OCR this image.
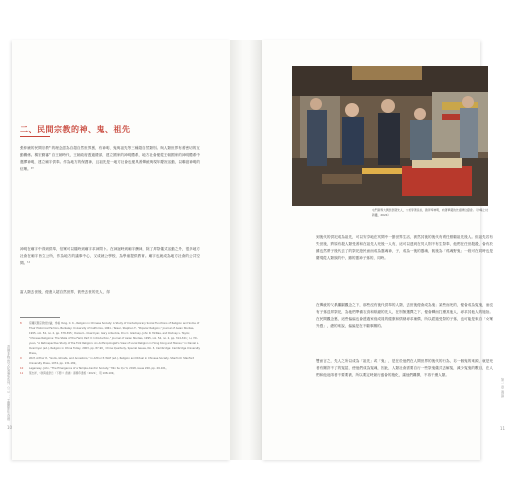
二、民間宗教的神、鬼、祖先
張仲廉的民間宗教⁸ 的理念認為自超自然世界裏，有神明、鬼與祖先等三種超自然類別。與人類世界有著密切的互動關係。楊宏勤審⁹ 自王朝時代，王朝政府透過禮部，建立國家的神明體系，地方社會便從王朝國家的神明體系中選擇神明，建立廟宇供奉。作為地方的保護神，且祖先是一地方社會也便具著傳統與現年慶祝活動，以聯誼神明的信眾。¹⁰
神明在廟宇中得到供奉，信眾可以隨時到廟宇求神問卜。在神誕時到廟宇酬神，除了拜祭儀式活動之外，很多地方社會在廟宇旨立公所，作為地方的議事中心，又成就公學校，為學童提供教育。廟宇也就成為地方社會的公共空間。¹¹
當人類去世後，便進入超自然世界，彼些去世的先人，得
8	有關民間宗教的討論，參看 Yang, C. K., Religion in Chinese Society: A Study of Contemporary Social Functions of Religion and Some of Their Historical Factors, Berkeley: University of California, 1961.; Teiser, Stephen F., "Popular Religion," Journal of Asian Studies, 1995, vol. 54, no. 2, pp. 378-395；Daniel L. Overmyer, Gary Arbuckle, Dru C. Gladney, John R. McRae, and Rodney L. Taylor, "Chinese Religions: The State of the Field, Part II: Introduction," Journal of Asian Studies, 1995, vol. 54, no. 2, pp. 314-321；Li, Yih-yuan, "A Retrospective Study of the Folk Religion: An Anthropologist's View of Local Religion in Hong Kong and Macau," in Daniel L. Overmyer (ed.), Religion in China Today, 2003, pp. 87-90，China Quarterly, Special Issues, No. 3, Cambridge: Cambridge University Press。
9	Wolf, Arthur P., "Gods, Ghosts, and Ancestors," in Arthur P. Wolf (ed.), Religion and Ritual in Chinese Society, Stanford: Stanford University Press, 1974, pp. 131-182。
10	Lagerwey, John, "The Emergence of a Temple-Centric Society," Min Su Qu Yi, 2018, issue 200, pp. 29-101。
11	蔡志祥，《我與祖祭日（下冊）》香港：商務印書館（2021），頁 108-109。
香港非物質文化遺產系列（三）：盂蘭節在香港
10
屯門新界大興祭祭陰先人，父老穿著長衫，跪拜奉神明，向著華麗的先祖牌位獻香。（沙嘴上村新攝，2024）
到後代的供祀成為祖先，可以安享地在冥間中一節世界生活，被然其後的後代有責任照顧祖先後人。但祖先若有失世後，將原有殺人類受著和在祖先人死後一人有，這可以達到在冥人則不有生祭奉，他們在任世殺殺，會有於雖也然將子後代去了的祭祀遊民而而成為靈魂神，子，成為一後的靈魂，飢後為「孤魂野鬼」一段可在同時也是慶現從人類族的中，雖的靈神子孫的，同時。
在傳統的父系繼嗣觀念之下，那些沒有後代供奉的人類，去世後便會成為鬼；某些而死的，便會成為冤鬼，而沒有子孫送拜祭祀，為他們準備衣食和紙錢的先人，在別無選擇之下，便會轉而打擾其他人，尋求其他人的施捨。在民間觀念裏，這些偏偏也會透過家庭成員的健康和情緒尋求補償，所以經過受祭的子孫，也可能是來自「女眾外感」，總的來說，偏偏是在不顧事關的。
雙而言之，先人之所以成為「祖先」或「鬼」，是在於他們在人間世界的後代的行為，另一個鬼的來源，就是死者有關許不了的冤屈，使他們成為冤魂，因此，人類社會需要自行一些祭鬼儀式去解冤，減少冤鬼的數目，在人們和他這兩者不要要被，所以要定時最行盛會的施化，讓他們離開，不再干擾人類。
第一章 導論
11
